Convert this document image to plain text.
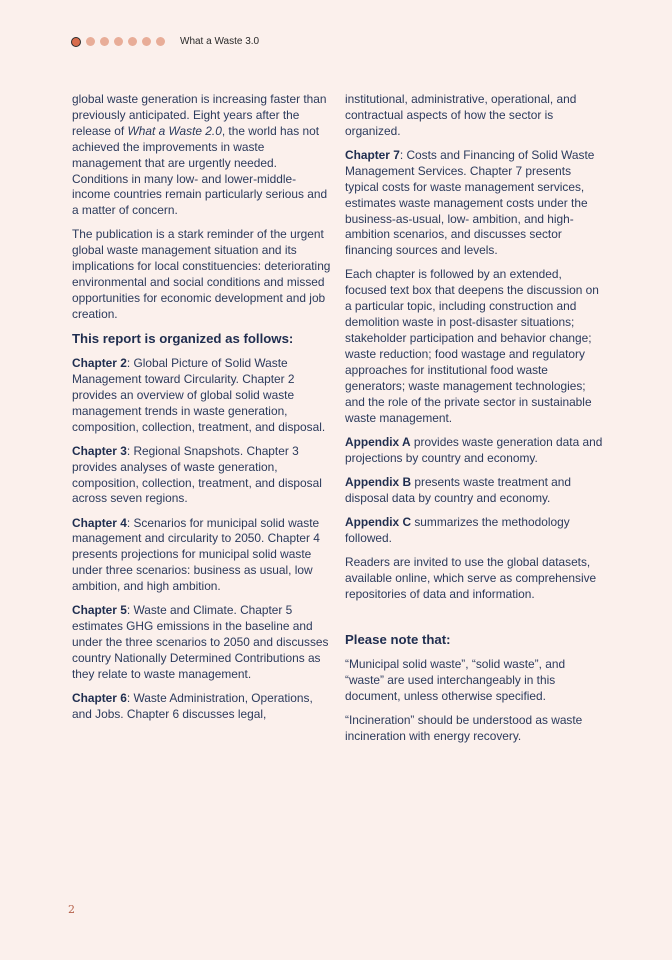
What a Waste 3.0

global waste generation is increasing faster than previously anticipated. Eight years after the release of What a Waste 2.0, the world has not achieved the improvements in waste management that are urgently needed. Conditions in many low- and lower-middle-income countries remain particularly serious and a matter of concern.

The publication is a stark reminder of the urgent global waste management situation and its implications for local constituencies: deteriorating environmental and social conditions and missed opportunities for economic development and job creation.

This report is organized as follows:

Chapter 2: Global Picture of Solid Waste Management toward Circularity. Chapter 2 provides an overview of global solid waste management trends in waste generation, composition, collection, treatment, and disposal.

Chapter 3: Regional Snapshots. Chapter 3 provides analyses of waste generation, composition, collection, treatment, and disposal across seven regions.

Chapter 4: Scenarios for municipal solid waste management and circularity to 2050. Chapter 4 presents projections for municipal solid waste under three scenarios: business as usual, low ambition, and high ambition.

Chapter 5: Waste and Climate. Chapter 5 estimates GHG emissions in the baseline and under the three scenarios to 2050 and discusses country Nationally Determined Contributions as they relate to waste management.

Chapter 6: Waste Administration, Operations, and Jobs. Chapter 6 discusses legal,

institutional, administrative, operational, and contractual aspects of how the sector is organized.

Chapter 7: Costs and Financing of Solid Waste Management Services. Chapter 7 presents typical costs for waste management services, estimates waste management costs under the business-as-usual, low- ambition, and high-ambition scenarios, and discusses sector financing sources and levels.

Each chapter is followed by an extended, focused text box that deepens the discussion on a particular topic, including construction and demolition waste in post-disaster situations; stakeholder participation and behavior change; waste reduction; food wastage and regulatory approaches for institutional food waste generators; waste management technologies; and the role of the private sector in sustainable waste management.

Appendix A provides waste generation data and projections by country and economy.

Appendix B presents waste treatment and disposal data by country and economy.

Appendix C summarizes the methodology followed.

Readers are invited to use the global datasets, available online, which serve as comprehensive repositories of data and information.

Please note that:

“Municipal solid waste”, “solid waste”, and “waste” are used interchangeably in this document, unless otherwise specified.

“Incineration” should be understood as waste incineration with energy recovery.

2
